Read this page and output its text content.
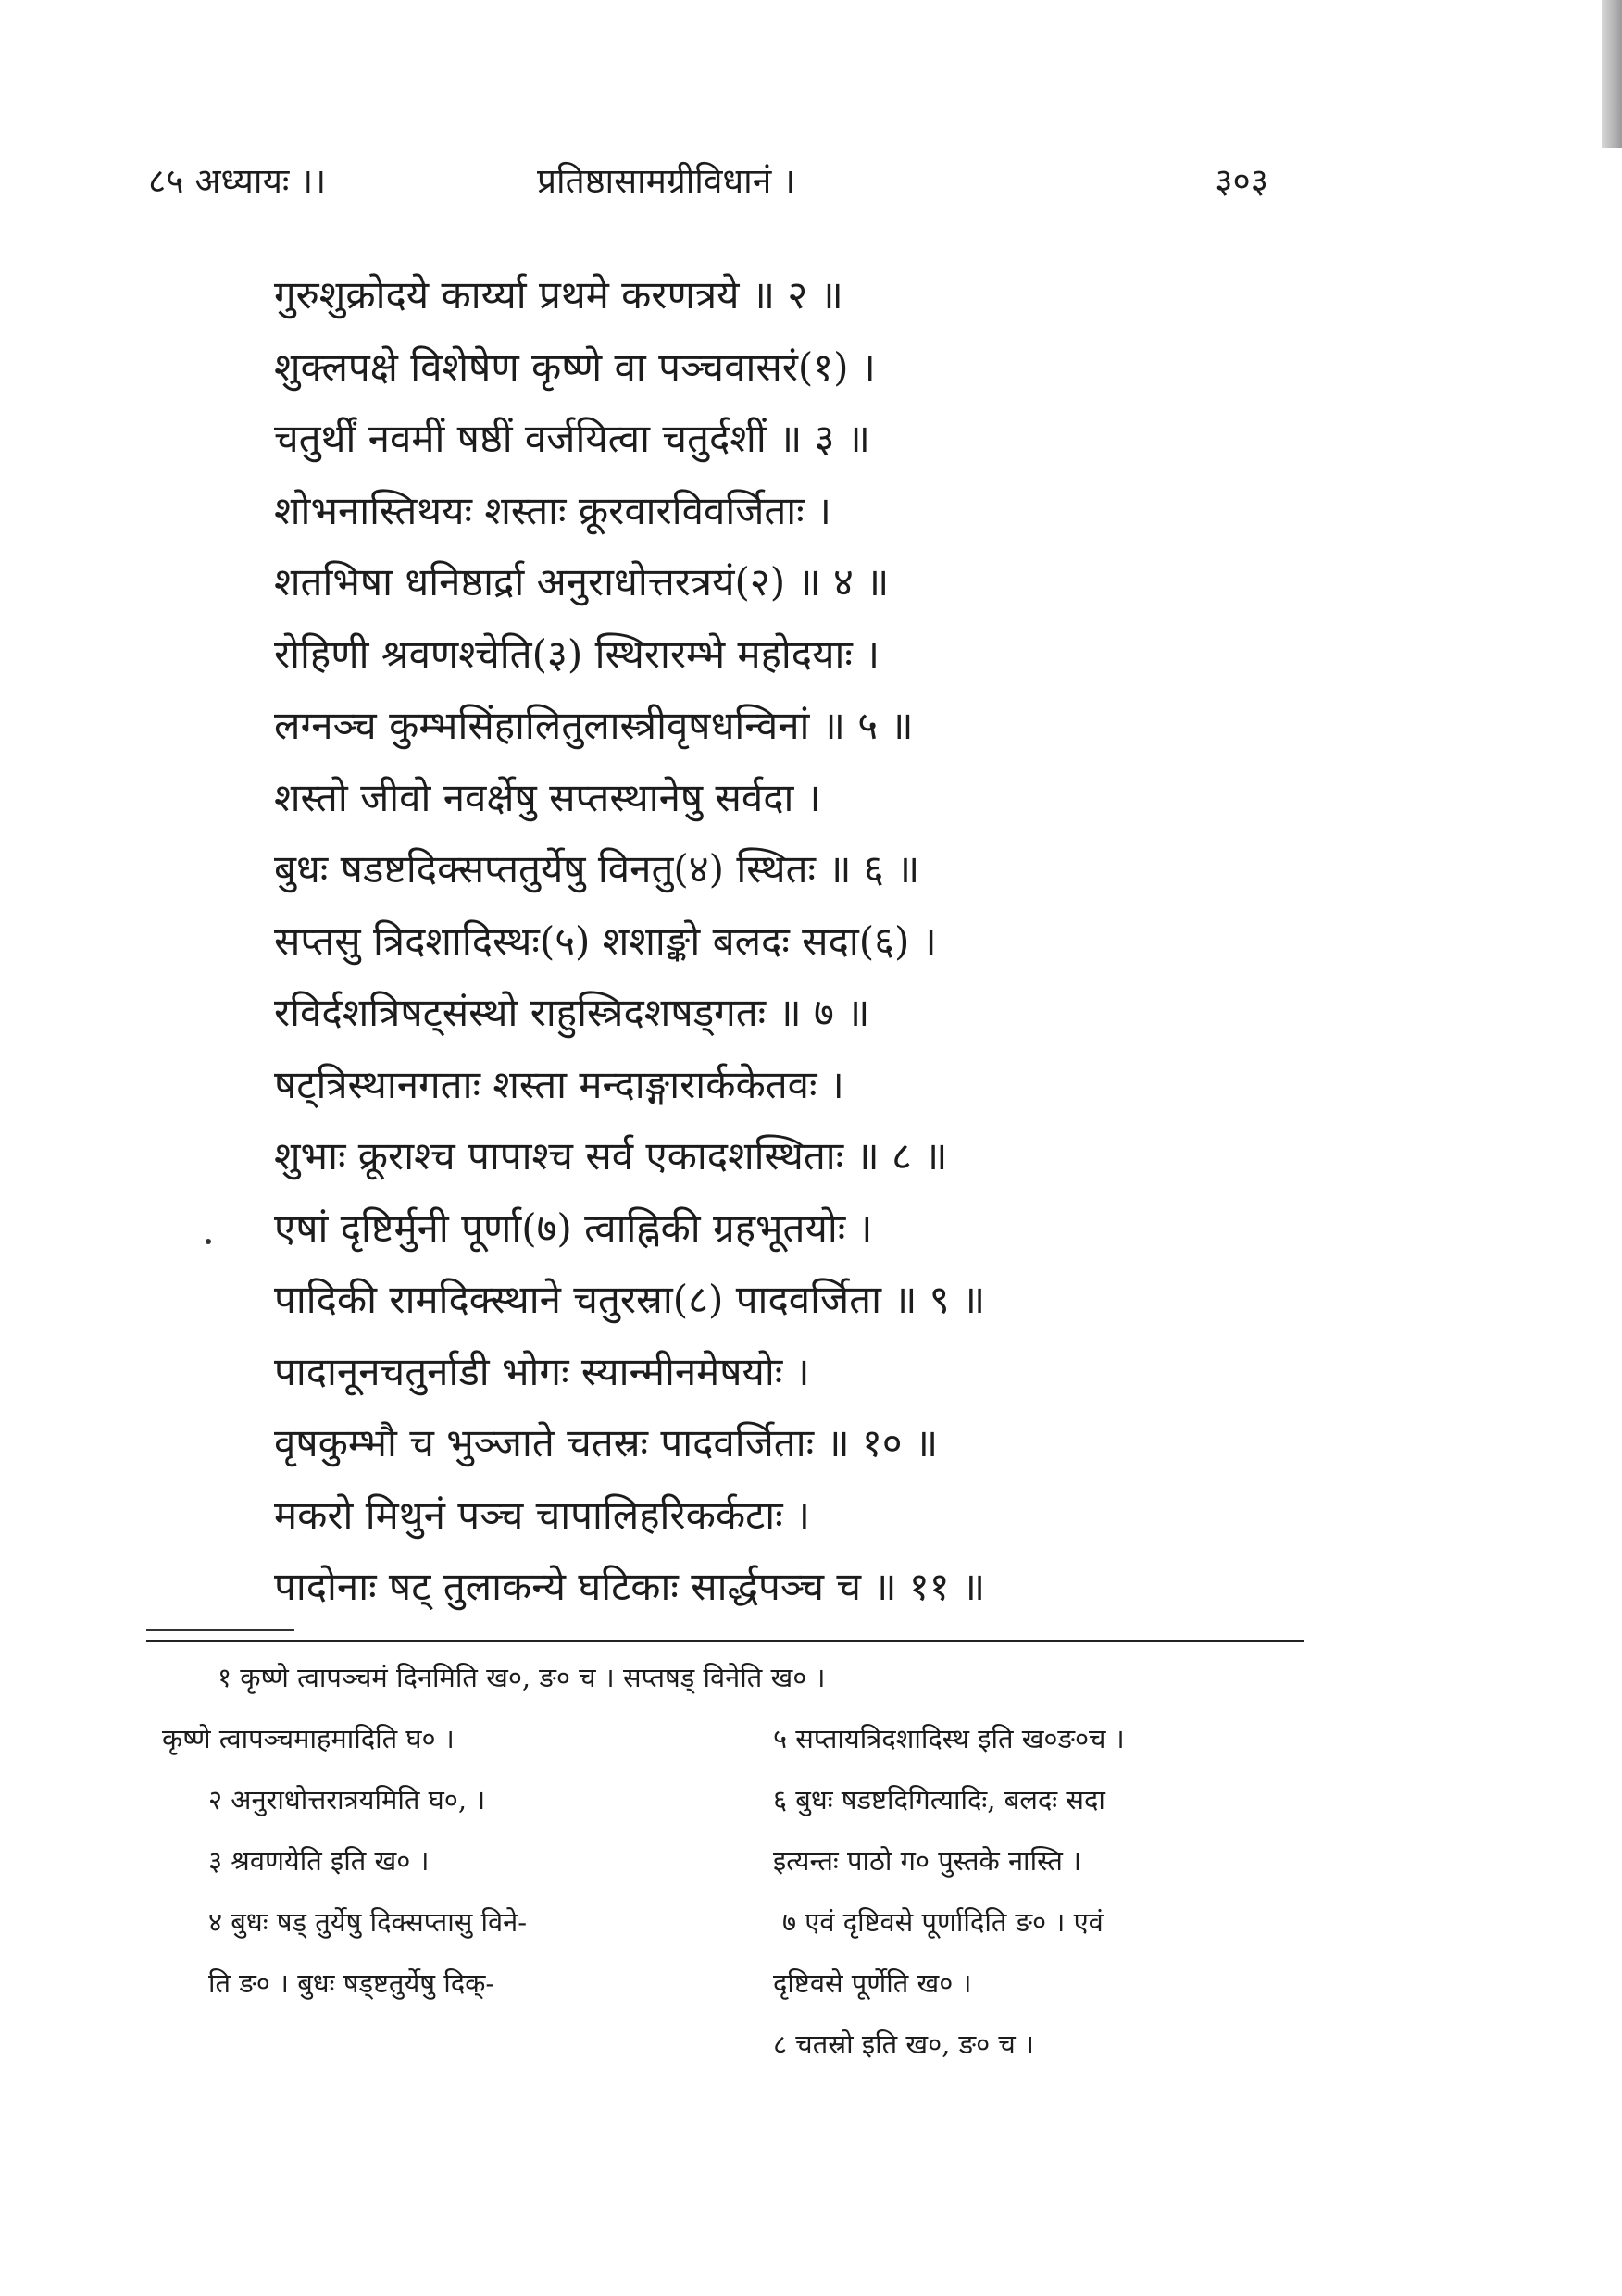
८५ अध्यायः ।।	प्रतिष्ठासामग्रीविधानं ।	३०३
गुरुशुक्रोदये कार्य्या प्रथमे करणत्रये ॥ २ ॥
शुक्लपक्षे विशेषेण कृष्णे वा पञ्चवासरं(१) ।
चतुर्थीं नवमीं षष्ठीं वर्जयित्वा चतुर्दशीं ॥ ३ ॥
शोभनास्तिथयः शस्ताः क्रूरवारविवर्जिताः ।
शतभिषा धनिष्ठार्द्रा अनुराधोत्तरत्रयं(२) ॥ ४ ॥
रोहिणी श्रवणश्चेति(३) स्थिरारम्भे महोदयाः ।
लग्नञ्च कुम्भसिंहालितुलास्त्रीवृषधन्विनां ॥ ५ ॥
शस्तो जीवो नवर्क्षेषु सप्तस्थानेषु सर्वदा ।
बुधः षडष्टदिक्सप्ततुर्येषु विनतु(४) स्थितः ॥ ६ ॥
सप्तसु त्रिदशादिस्थः(५) शशाङ्को बलदः सदा(६) ।
रविर्दशत्रिषट्संस्थो राहुस्त्रिदशषड्गतः ॥ ७ ॥
षट्त्रिस्थानगताः शस्ता मन्दाङ्गारार्ककेतवः ।
शुभाः क्रूराश्च पापाश्च सर्व एकादशस्थिताः ॥ ८ ॥
एषां दृष्टिर्मुनी पूर्णा(७) त्वाह्निकी ग्रहभूतयोः ।
पादिकी रामदिक्स्थाने चतुरस्रा(८) पादवर्जिता ॥ ९ ॥
पादानूनचतुर्नाडी भोगः स्यान्मीनमेषयोः ।
वृषकुम्भौ च भुञ्जाते चतस्रः पादवर्जिताः ॥ १० ॥
मकरो मिथुनं पञ्च चापालिहरिकर्कटाः ।
पादोनाः षट् तुलाकन्ये घटिकाः सार्द्धपञ्च च ॥ ११ ॥
१ कृष्णे त्वापञ्चमं दिनमिति ख०, ङ० च । सप्तषड् विनेति ख० ।
कृष्णे त्वापञ्चमाहमादिति घ० ।
२ अनुराधोत्तरात्रयमिति घ०, ।
३ श्रवणयेति इति ख० ।
४ बुधः षड् तुर्येषु दिक्सप्तासु विने-
ति ङ० । बुधः षड्ष्टतुर्येषु दिक्-
५ सप्तायत्रिदशादिस्थ इति ख०ङ०च ।
६ बुधः षडष्टदिगित्यादिः, बलदः सदा
इत्यन्तः पाठो ग० पुस्तके नास्ति ।
७ एवं दृष्टिवसे पूर्णादिति ङ० । एवं
दृष्टिवसे पूर्णेति ख० ।
८ चतस्रो इति ख०, ङ० च ।
